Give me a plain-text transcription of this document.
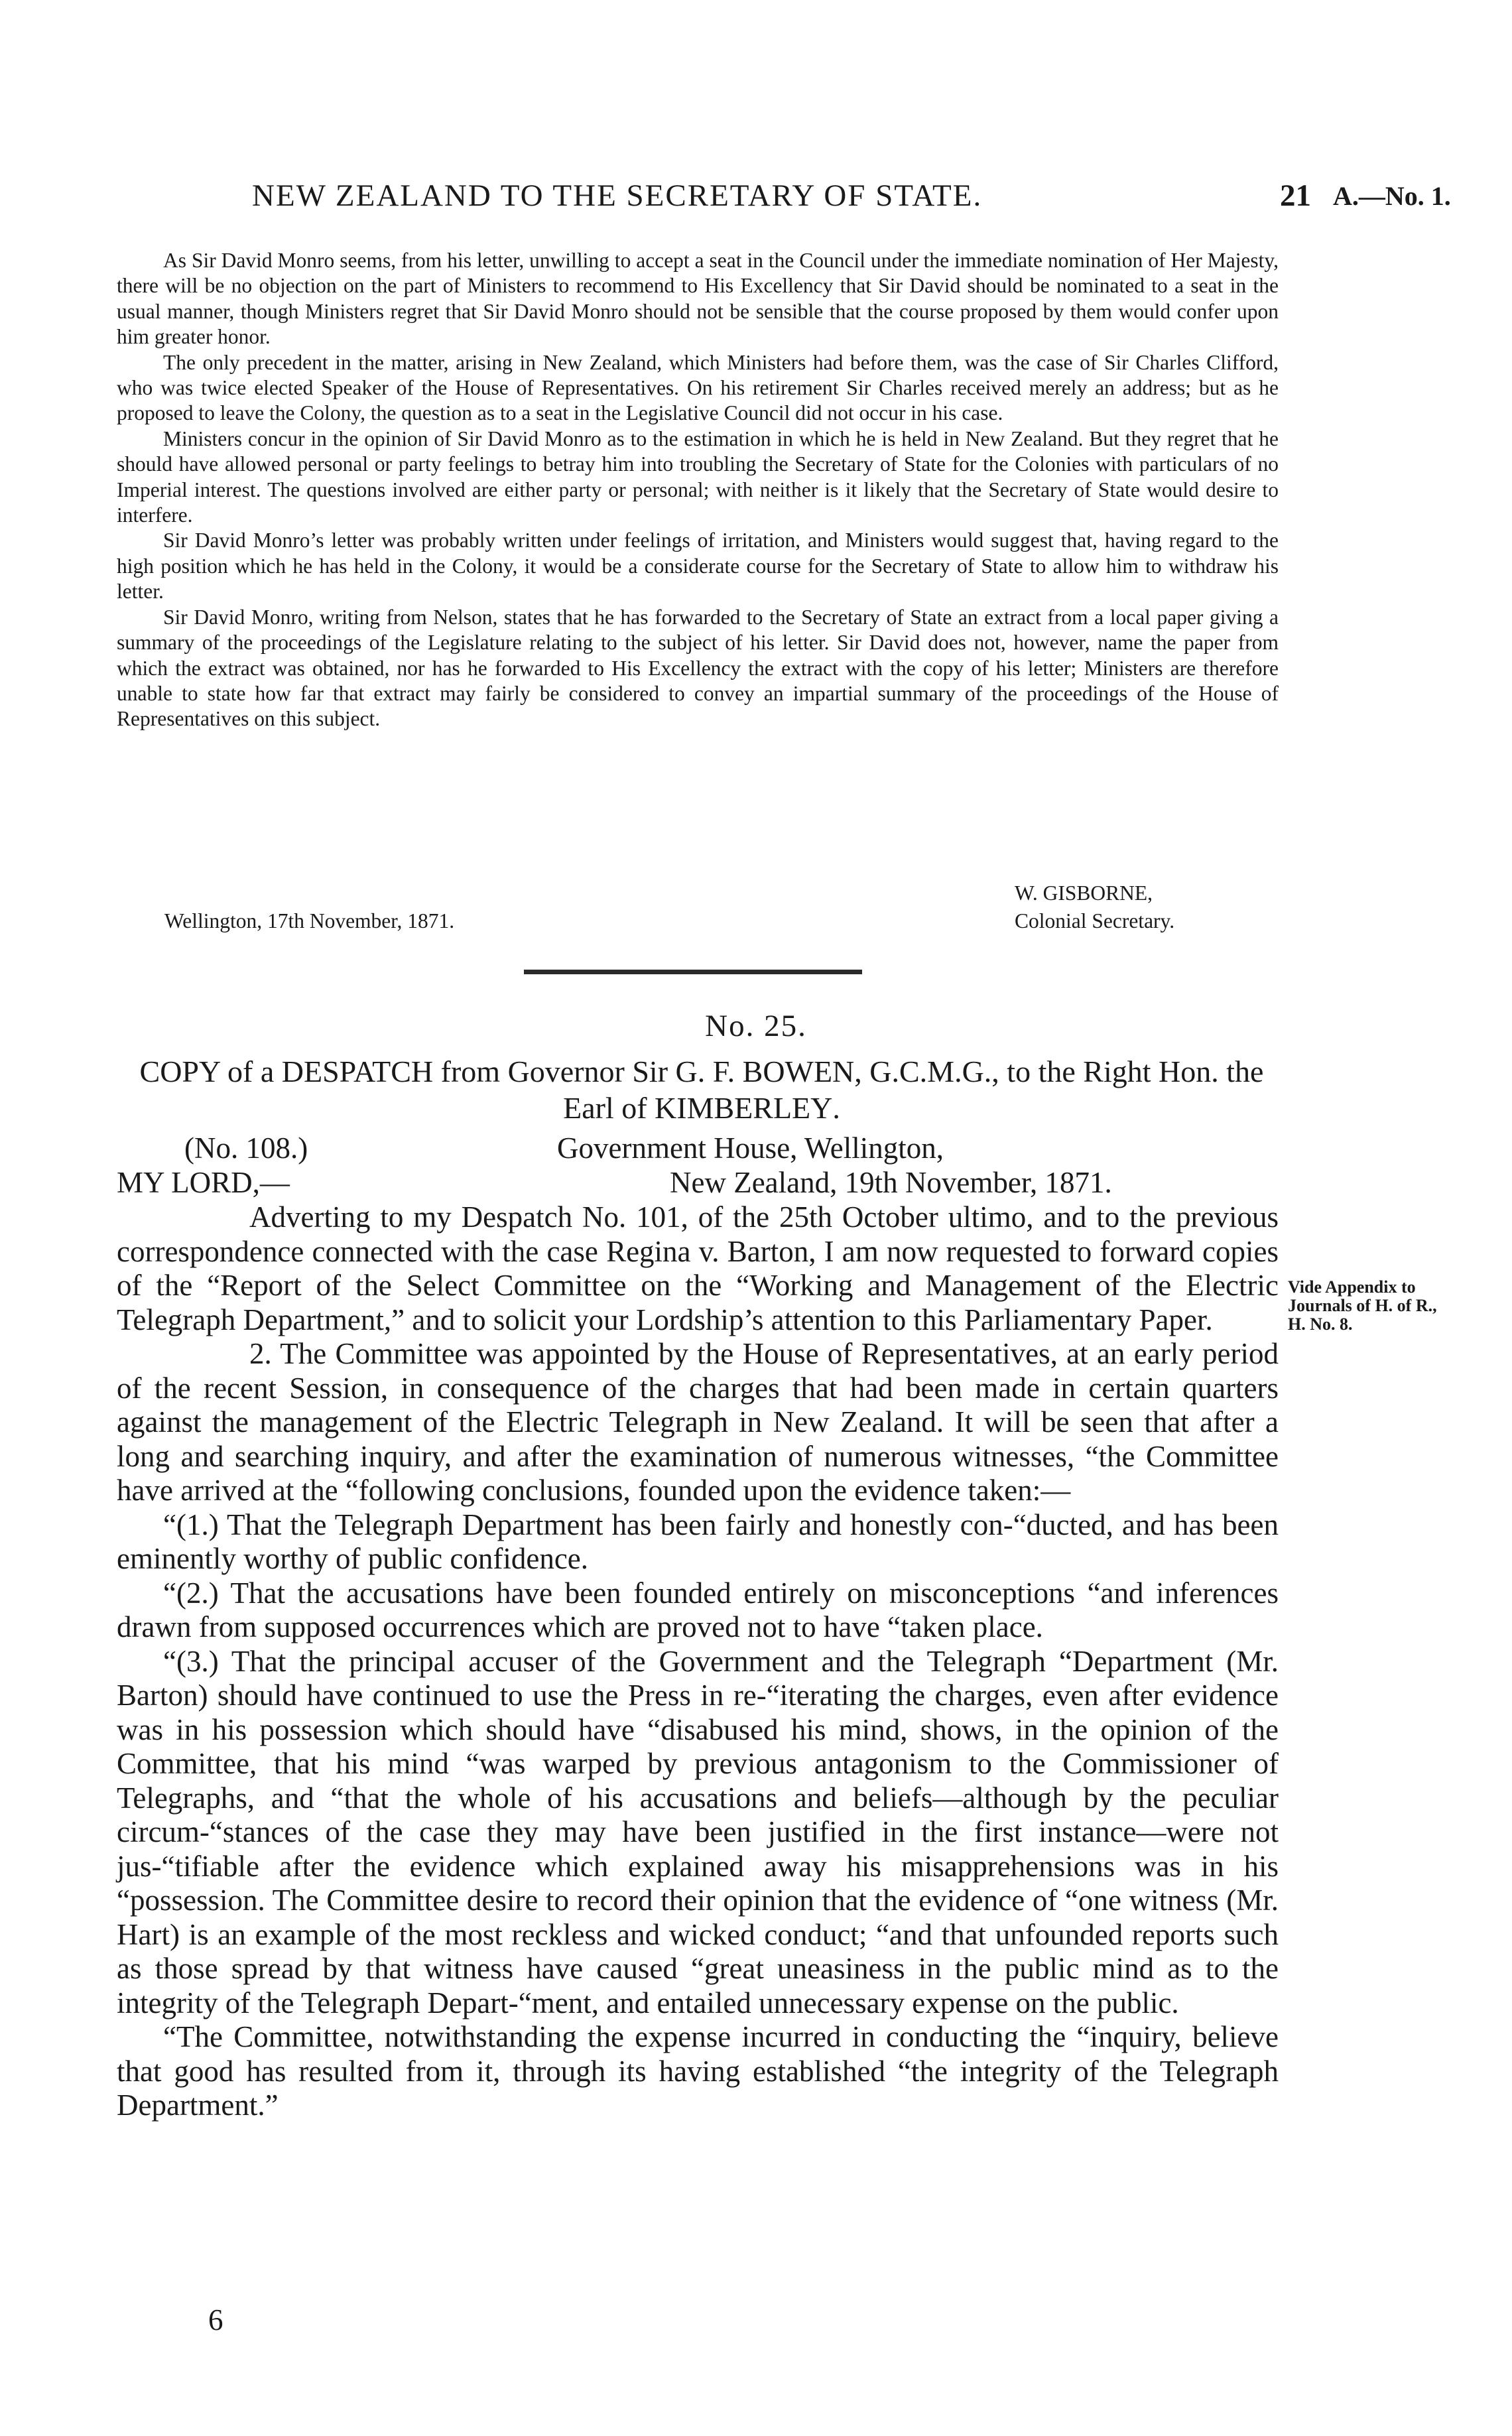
NEW ZEALAND TO THE SECRETARY OF STATE.	21 A.—No. 1.

As Sir David Monro seems, from his letter, unwilling to accept a seat in the Council under the immediate nomination of Her Majesty, there will be no objection on the part of Ministers to recommend to His Excellency that Sir David should be nominated to a seat in the usual manner, though Ministers regret that Sir David Monro should not be sensible that the course proposed by them would confer upon him greater honor.

The only precedent in the matter, arising in New Zealand, which Ministers had before them, was the case of Sir Charles Clifford, who was twice elected Speaker of the House of Representatives. On his retirement Sir Charles received merely an address; but as he proposed to leave the Colony, the question as to a seat in the Legislative Council did not occur in his case.

Ministers concur in the opinion of Sir David Monro as to the estimation in which he is held in New Zealand. But they regret that he should have allowed personal or party feelings to betray him into troubling the Secretary of State for the Colonies with particulars of no Imperial interest. The questions involved are either party or personal; with neither is it likely that the Secretary of State would desire to interfere.

Sir David Monro’s letter was probably written under feelings of irritation, and Ministers would suggest that, having regard to the high position which he has held in the Colony, it would be a considerate course for the Secretary of State to allow him to withdraw his letter.

Sir David Monro, writing from Nelson, states that he has forwarded to the Secretary of State an extract from a local paper giving a summary of the proceedings of the Legislature relating to the subject of his letter. Sir David does not, however, name the paper from which the extract was obtained, nor has he forwarded to His Excellency the extract with the copy of his letter; Ministers are therefore unable to state how far that extract may fairly be considered to convey an impartial summary of the proceedings of the House of Representatives on this subject.

W. GISBORNE,
Wellington, 17th November, 1871.	Colonial Secretary.
No. 25.
COPY of a DESPATCH from Governor Sir G. F. BOWEN, G.C.M.G., to the Right Hon. the Earl of KIMBERLEY.
(No. 108.)	Government House, Wellington,
MY LORD,—	New Zealand, 19th November, 1871.
Vide Appendix to Journals of H. of R., H. No. 8.

Adverting to my Despatch No. 101, of the 25th October ultimo, and to the previous correspondence connected with the case Regina v. Barton, I am now requested to forward copies of the “Report of the Select Committee on the “Working and Management of the Electric Telegraph Department,” and to solicit your Lordship’s attention to this Parliamentary Paper.

2. The Committee was appointed by the House of Representatives, at an early period of the recent Session, in consequence of the charges that had been made in certain quarters against the management of the Electric Telegraph in New Zealand. It will be seen that after a long and searching inquiry, and after the examination of numerous witnesses, “the Committee have arrived at the “following conclusions, founded upon the evidence taken:—

“(1.) That the Telegraph Department has been fairly and honestly con-“ducted, and has been eminently worthy of public confidence.

“(2.) That the accusations have been founded entirely on misconceptions “and inferences drawn from supposed occurrences which are proved not to have “taken place.

“(3.) That the principal accuser of the Government and the Telegraph “Department (Mr. Barton) should have continued to use the Press in re-“iterating the charges, even after evidence was in his possession which should have “disabused his mind, shows, in the opinion of the Committee, that his mind “was warped by previous antagonism to the Commissioner of Telegraphs, and “that the whole of his accusations and beliefs—although by the peculiar circum-“stances of the case they may have been justified in the first instance—were not jus-“tifiable after the evidence which explained away his misapprehensions was in his “possession. The Committee desire to record their opinion that the evidence of “one witness (Mr. Hart) is an example of the most reckless and wicked conduct; “and that unfounded reports such as those spread by that witness have caused “great uneasiness in the public mind as to the integrity of the Telegraph Depart-“ment, and entailed unnecessary expense on the public.

“The Committee, notwithstanding the expense incurred in conducting the “inquiry, believe that good has resulted from it, through its having established “the integrity of the Telegraph Department.”

6
